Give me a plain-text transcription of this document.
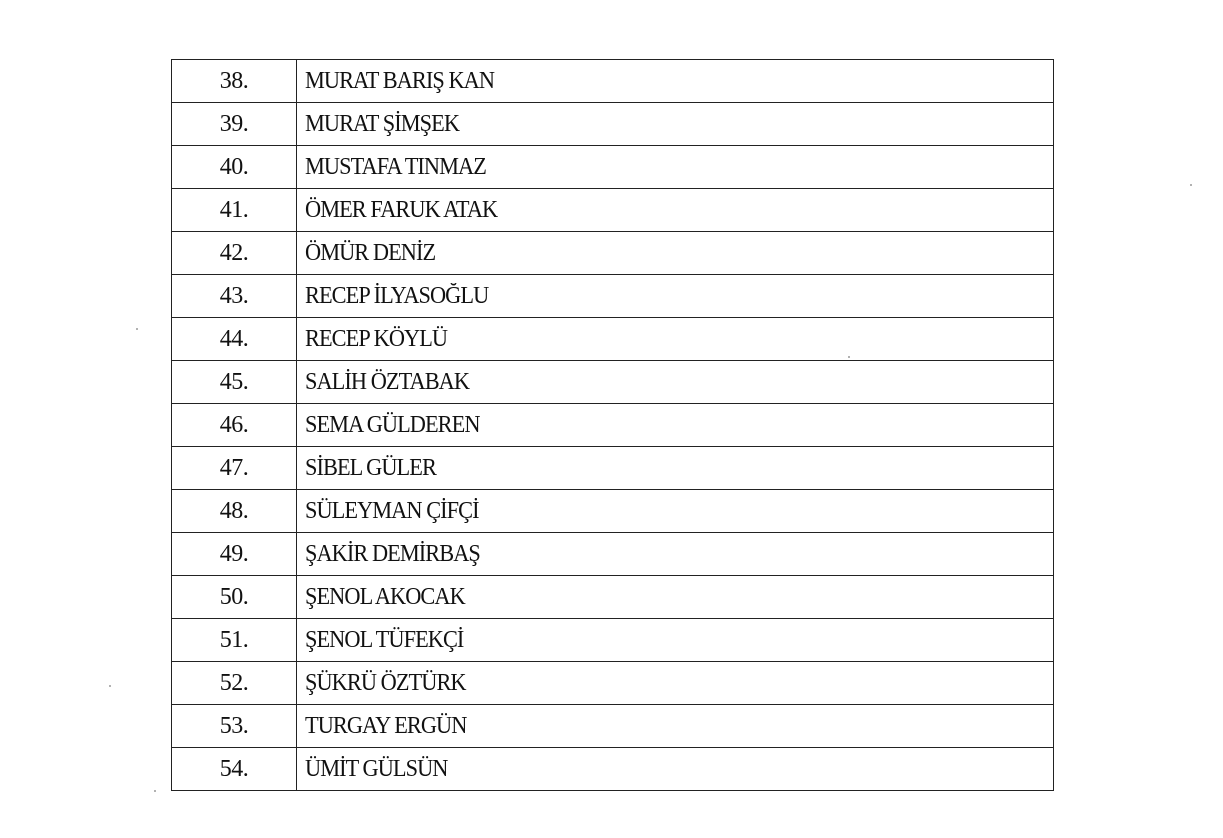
38.	MURAT BARIŞ KAN
39.	MURAT ŞİMŞEK
40.	MUSTAFA TINMAZ
41.	ÖMER FARUK ATAK
42.	ÖMÜR DENİZ
43.	RECEP İLYASOĞLU
44.	RECEP KÖYLÜ
45.	SALİH ÖZTABAK
46.	SEMA GÜLDEREN
47.	SİBEL GÜLER
48.	SÜLEYMAN ÇİFÇİ
49.	ŞAKİR DEMİRBAŞ
50.	ŞENOL AKOCAK
51.	ŞENOL TÜFEKÇİ
52.	ŞÜKRÜ ÖZTÜRK
53.	TURGAY ERGÜN
54.	ÜMİT GÜLSÜN
